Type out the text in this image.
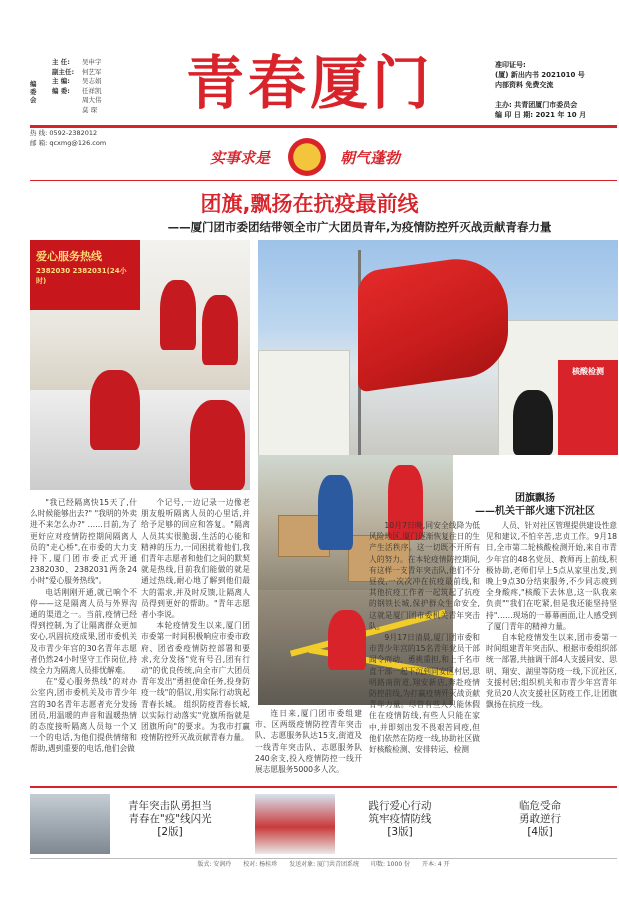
编委会
主 任:	吴申宇
副主任:	何艺军
主 编:	吴志娟
编 委:	任祥凯
周大伟
莫 琛
热 线: 0592-2382012
邮 箱: qcxmg@126.com
青春厦门	准印证号:
(厦) 新出内书 2021010 号
内部资料 免费交流
主办: 共青团厦门市委员会
编 印 日 期: 2021 年 10 月
实事求是	朝气蓬勃
团旗,飘扬在抗疫最前线
——厦门团市委团结带领全市广大团员青年,为疫情防控歼灭战贡献青春力量
爱心服务热线
2382030 2382031(24小时)
核酸检测
团旗飘扬
——机关干部火速下沉社区

"我已经隔离快15天了,什么时候能够出去?" "我明的外卖进不来怎么办?" ……日前,为了更好应对疫情防控期间隔离人员的"走心桥",在市委的大力支持下,厦门团市委正式开通2382030、2382031两条24小时"爱心服务热线"。

电话刚刚开通,就已响个不停——这是隔离人员与外界沟通的渠道之一。当前,疫情已经得到控制,为了让隔离群众更加安心,巩固抗疫成果,团市委机关及市青少年宫的30名青年志愿者仍然24小时坚守工作岗位,持续全力为隔离人员排忧解难。

在"爱心服务热线"的对办公室内,团市委机关及市青少年宫的30名青年志愿者充分发扬团员,用温暖的声音和温暖热情的态度接听隔离人员每一个又一个的电话,为他们提供情绪和帮助,遇到重要的电话,他们会做

个记号,一边记录一边像老朋友般听隔离人员的心里话,并给予足够的回应和答复。"隔离人员其实很脆弱,生活的心能和精神的压力,一同困扰着他们,我们青年志愿者和他们之间的默契就是热线,目前我们能做的就是通过热线,耐心地了解到他们最大的需求,并及时反馈,让隔离人员得到更好的帮助。"青年志愿者小李说。

本轮疫情发生以来,厦门团市委第一时间积极响应市委市政府、团省委疫情防控部署和要求,充分发扬"党有号召,团有行动"的优良传统,向全市广大团员青年发出"勇担使命任务,投身防疫一线"的倡议,用实际行动筑起青春长城。 组织防疫青春长城,以实际行动落实"党旗所指就是团旗所向"的要求。为我市打赢疫情防控歼灭战贡献青春力量。

连日来,厦门团市委组建市、区两级疫情防控青年突击队、志愿服务队达15支,街道及一线青年突击队、志愿服务队240余支,投入疫情防控一线开展志愿服务5000多人次。

10月7日晚,同安全线降为低风险地区,厦门逐渐恢复往日的生产生活秩序。这一切既不开所有人的努力。在本轮疫情防控期间,有这样一支青年突击队,他们不分昼夜,一次次冲在抗疫最前线,和其他抗疫工作者一起筑起了抗疫的钢铁长城,保护群众生命安全,这就是厦门团市委机关青年突击队。

9月17日清晨,厦门团市委和市青少年宫的15名青年党员干部闻令而动、勇挑重担,和上千名市直干部一起下沉到同安区村居,思明路南街道,翔安新店,奔赴疫情防控前线,为打赢疫情歼灭战贡献青年力量。尽管有些人只能休假住在疫情防线,有些人只能在家中,并即刻出发不畏艰苦同疫,但他们依然在防疫一线,协助社区做好核酸检测、安排转运、检测

人员、针对社区管理提供建设性意见和建议,不怕辛苦,忠贞工作。9月18日,全市第二轮核酸检测开始,来自市青少年宫的48名党员、教师再上前线,积极协助,老师们早上5点从家里出发,到晚上9点30分结束服务,不少同志疲到全身酸疼,"核酸下去休息,这一队我来负责""我们在吃紧,但是我还能坚持坚持"……现场的一幕幕画面,让人感受到了厦门青年的精神力量。

自本轮疫情发生以来,团市委第一时间组建青年突击队、根据市委组织部统一部署,共抽调干部4人支援同安、思明、翔安、湖里等防疫一线,下沉社区,支援村居;组织机关和市青少年宫青年党员20人次支援社区防疫工作,让团旗飘扬在抗疫一线。

青年突击队勇担当
青春在"疫"线闪光
[2版]
践行爱心行动
筑牢疫情防线
[3版]
临危受命
勇敢逆行
[4版]
版式: 安润玲 校对: 杨桂珍 发送对象: 厦门共青团系统 印数: 1000 份 开本: 4 开
